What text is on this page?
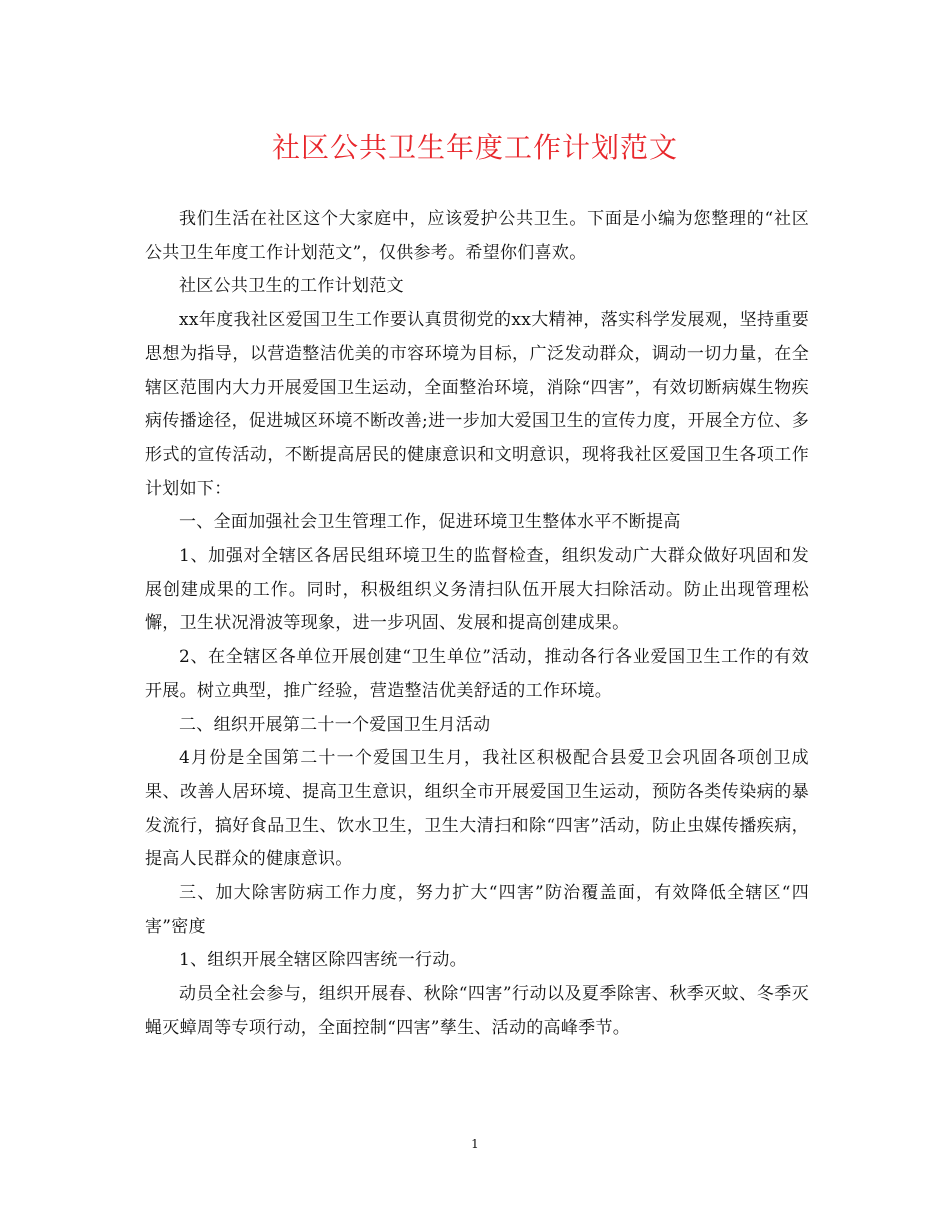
社区公共卫生年度工作计划范文

我们生活在社区这个大家庭中，应该爱护公共卫生。下面是小编为您整理的“社区公共卫生年度工作计划范文”，仅供参考。希望你们喜欢。

社区公共卫生的工作计划范文

xx年度我社区爱国卫生工作要认真贯彻党的xx大精神，落实科学发展观，坚持重要思想为指导，以营造整洁优美的市容环境为目标，广泛发动群众，调动一切力量，在全辖区范围内大力开展爱国卫生运动，全面整治环境，消除“四害”，有效切断病媒生物疾病传播途径，促进城区环境不断改善;进一步加大爱国卫生的宣传力度，开展全方位、多形式的宣传活动，不断提高居民的健康意识和文明意识，现将我社区爱国卫生各项工作计划如下：

一、全面加强社会卫生管理工作，促进环境卫生整体水平不断提高

1、加强对全辖区各居民组环境卫生的监督检查，组织发动广大群众做好巩固和发展创建成果的工作。同时，积极组织义务清扫队伍开展大扫除活动。防止出现管理松懈，卫生状况滑波等现象，进一步巩固、发展和提高创建成果。

2、在全辖区各单位开展创建“卫生单位”活动，推动各行各业爱国卫生工作的有效开展。树立典型，推广经验，营造整洁优美舒适的工作环境。

二、组织开展第二十一个爱国卫生月活动

4月份是全国第二十一个爱国卫生月，我社区积极配合县爱卫会巩固各项创卫成果、改善人居环境、提高卫生意识，组织全市开展爱国卫生运动，预防各类传染病的暴发流行，搞好食品卫生、饮水卫生，卫生大清扫和除“四害”活动，防止虫媒传播疾病，提高人民群众的健康意识。

三、加大除害防病工作力度，努力扩大“四害”防治覆盖面，有效降低全辖区“四害”密度

1、组织开展全辖区除四害统一行动。

动员全社会参与，组织开展春、秋除“四害”行动以及夏季除害、秋季灭蚊、冬季灭蝇灭蟑周等专项行动，全面控制“四害”孳生、活动的高峰季节。

1
